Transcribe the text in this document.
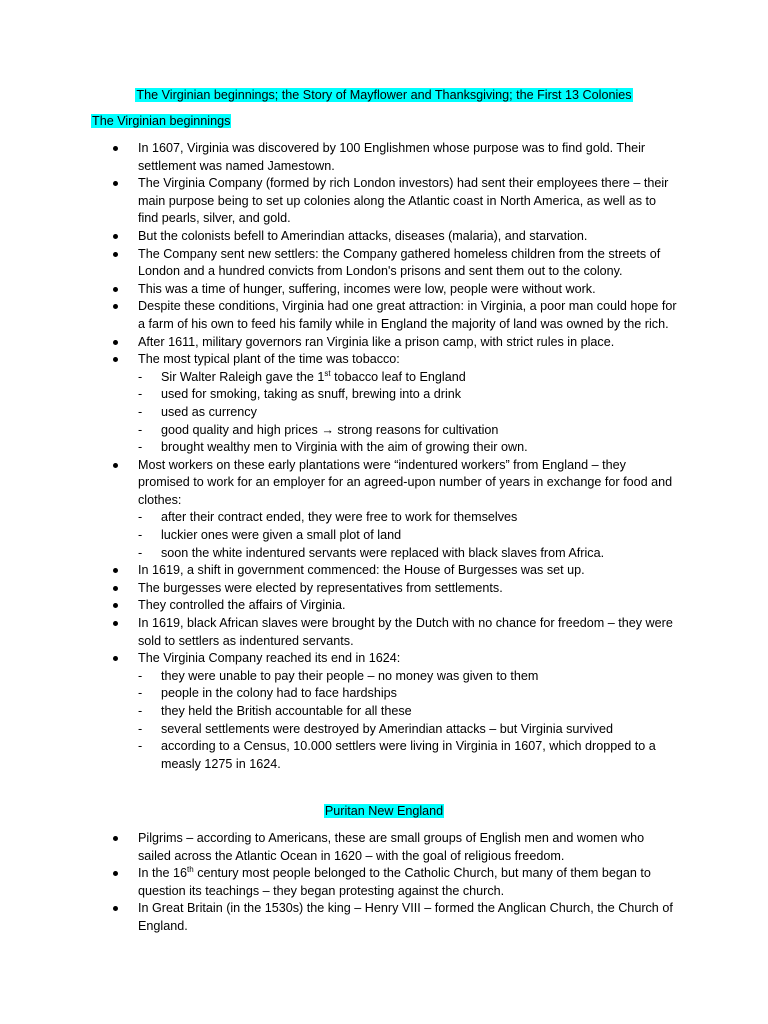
The Virginian beginnings; the Story of Mayflower and Thanksgiving; the First 13 Colonies
The Virginian beginnings
In 1607, Virginia was discovered by 100 Englishmen whose purpose was to find gold. Their settlement was named Jamestown.
The Virginia Company (formed by rich London investors) had sent their employees there – their main purpose being to set up colonies along the Atlantic coast in North America, as well as to find pearls, silver, and gold.
But the colonists befell to Amerindian attacks, diseases (malaria), and starvation.
The Company sent new settlers: the Company gathered homeless children from the streets of London and a hundred convicts from London's prisons and sent them out to the colony.
This was a time of hunger, suffering, incomes were low, people were without work.
Despite these conditions, Virginia had one great attraction: in Virginia, a poor man could hope for a farm of his own to feed his family while in England the majority of land was owned by the rich.
After 1611, military governors ran Virginia like a prison camp, with strict rules in place.
The most typical plant of the time was tobacco:
- Sir Walter Raleigh gave the 1st tobacco leaf to England
- used for smoking, taking as snuff, brewing into a drink
- used as currency
- good quality and high prices → strong reasons for cultivation
- brought wealthy men to Virginia with the aim of growing their own.
Most workers on these early plantations were “indentured workers” from England – they promised to work for an employer for an agreed-upon number of years in exchange for food and clothes:
- after their contract ended, they were free to work for themselves
- luckier ones were given a small plot of land
- soon the white indentured servants were replaced with black slaves from Africa.
In 1619, a shift in government commenced: the House of Burgesses was set up.
The burgesses were elected by representatives from settlements.
They controlled the affairs of Virginia.
In 1619, black African slaves were brought by the Dutch with no chance for freedom – they were sold to settlers as indentured servants.
The Virginia Company reached its end in 1624:
- they were unable to pay their people – no money was given to them
- people in the colony had to face hardships
- they held the British accountable for all these
- several settlements were destroyed by Amerindian attacks – but Virginia survived
- according to a Census, 10.000 settlers were living in Virginia in 1607, which dropped to a measly 1275 in 1624.
Puritan New England
Pilgrims – according to Americans, these are small groups of English men and women who sailed across the Atlantic Ocean in 1620 – with the goal of religious freedom.
In the 16th century most people belonged to the Catholic Church, but many of them began to question its teachings – they began protesting against the church.
In Great Britain (in the 1530s) the king – Henry VIII – formed the Anglican Church, the Church of England.
